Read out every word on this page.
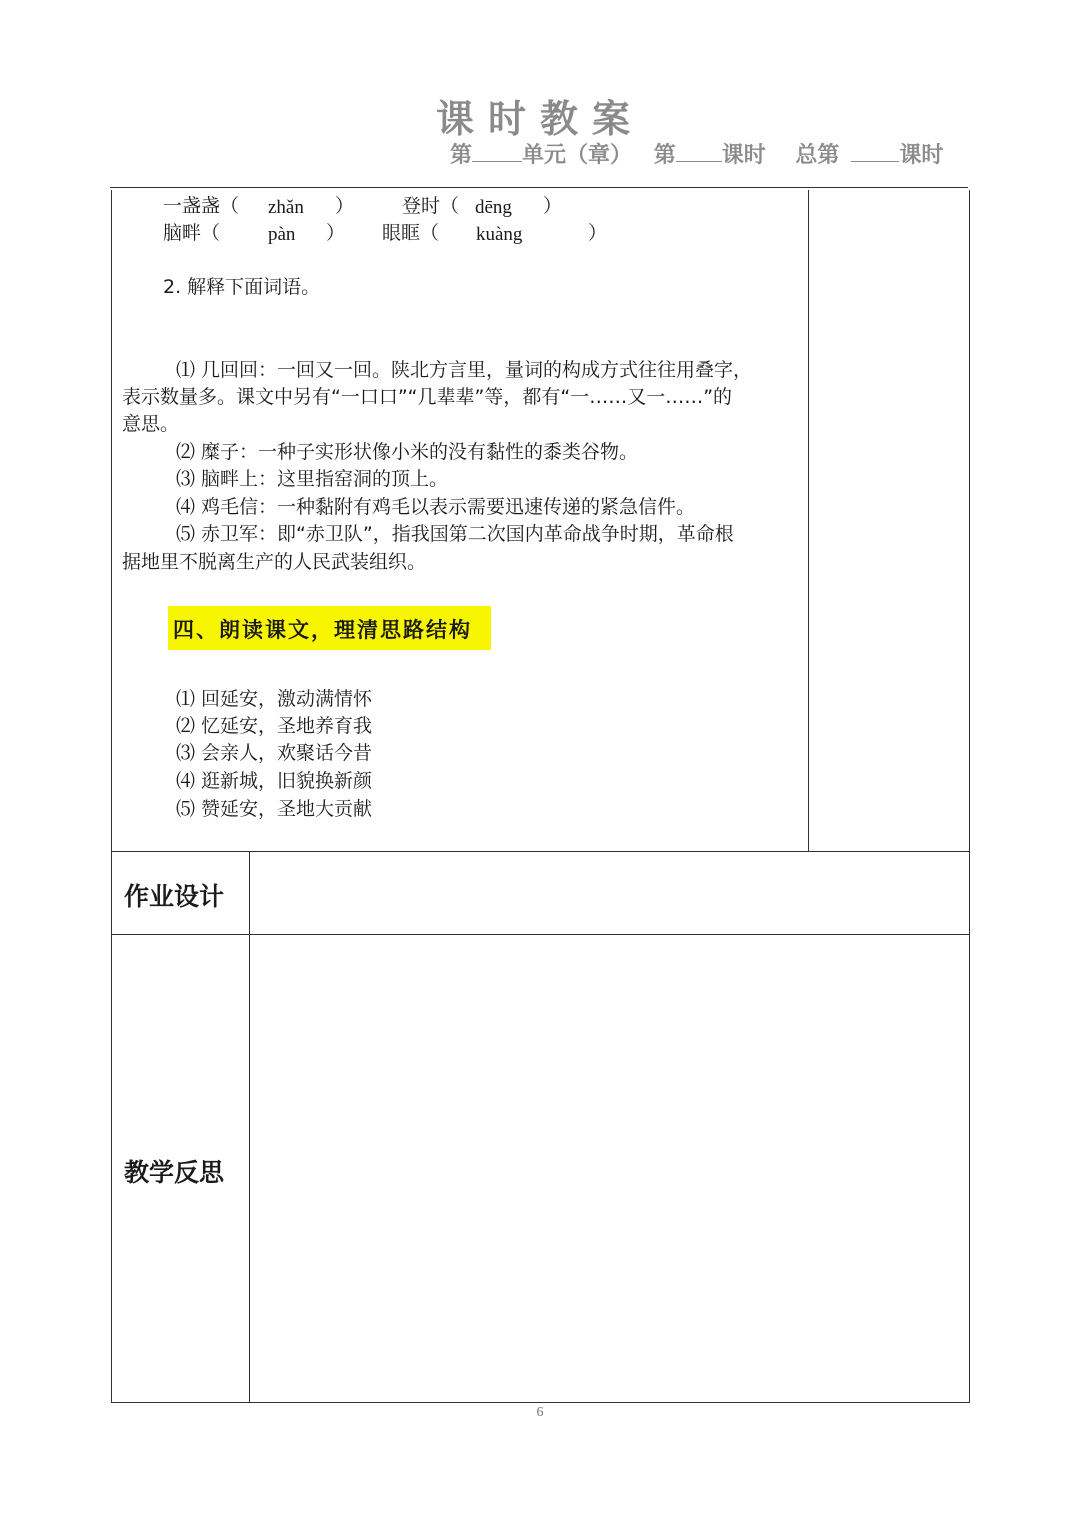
课时教案
第 单元（章） 第 课时 总第	课时
一盏盏（ zhǎn ）	登时（ dēng ）
脑畔（	pàn ） 眼眶（ kuàng	）
2. 解释下面词语。
⑴ 几回回：一回又一回。陕北方言里，量词的构成方式往往用叠字，
表示数量多。课文中另有“一口口”“几辈辈”等，都有“一……又一……”的
意思。
⑵ 糜子：一种子实形状像小米的没有黏性的黍类谷物。
⑶ 脑畔上：这里指窑洞的顶上。
⑷ 鸡毛信：一种黏附有鸡毛以表示需要迅速传递的紧急信件。
⑸ 赤卫军：即“赤卫队”，指我国第二次国内革命战争时期，革命根
据地里不脱离生产的人民武装组织。
四、朗读课文，理清思路结构
⑴ 回延安，激动满情怀
⑵ 忆延安，圣地养育我
⑶ 会亲人，欢聚话今昔
⑷ 逛新城，旧貌换新颜
⑸ 赞延安，圣地大贡献
作业设计
教学反思
6
